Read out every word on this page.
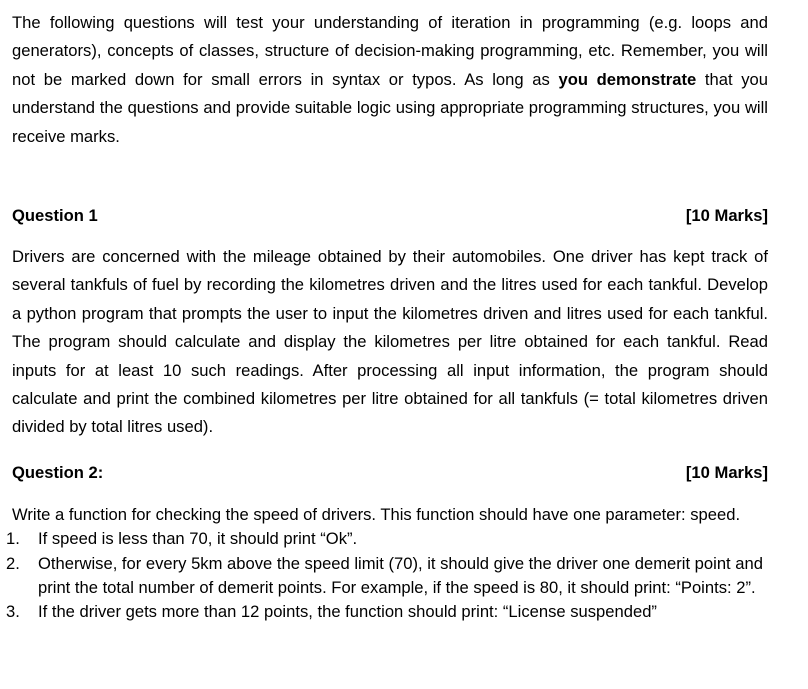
The following questions will test your understanding of iteration in programming (e.g. loops and generators), concepts of classes, structure of decision-making programming, etc. Remember, you will not be marked down for small errors in syntax or typos. As long as you demonstrate that you understand the questions and provide suitable logic using appropriate programming structures, you will receive marks.

Question 1	[10 Marks]

Drivers are concerned with the mileage obtained by their automobiles. One driver has kept track of several tankfuls of fuel by recording the kilometres driven and the litres used for each tankful. Develop a python program that prompts the user to input the kilometres driven and litres used for each tankful. The program should calculate and display the kilometres per litre obtained for each tankful. Read inputs for at least 10 such readings. After processing all input information, the program should calculate and print the combined kilometres per litre obtained for all tankfuls (= total kilometres driven divided by total litres used).

Question 2:	[10 Marks]

Write a function for checking the speed of drivers. This function should have one parameter: speed.

1. If speed is less than 70, it should print “Ok”.
2. Otherwise, for every 5km above the speed limit (70), it should give the driver one demerit point and print the total number of demerit points. For example, if the speed is 80, it should print: “Points: 2”.
3. If the driver gets more than 12 points, the function should print: “License suspended”
